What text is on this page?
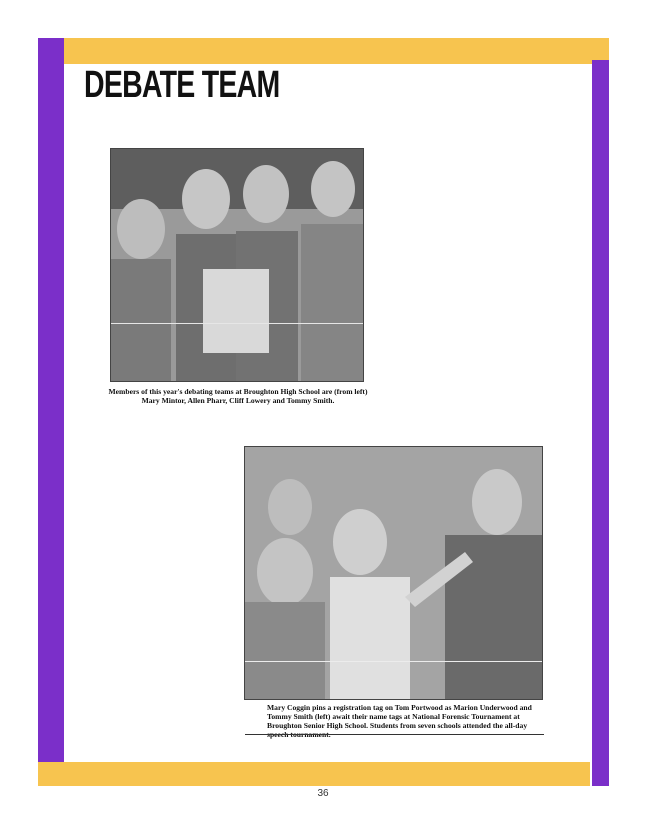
DEBATE TEAM
Members of this year's debating teams at Broughton High School are (from left) Mary Mintor, Allen Pharr, Cliff Lowery and Tommy Smith.
Mary Coggin pins a registration tag on Tom Portwood as Marion Underwood and Tommy Smith (left) await their name tags at National Forensic Tournament at Broughton Senior High School. Students from seven schools attended the all-day
36
